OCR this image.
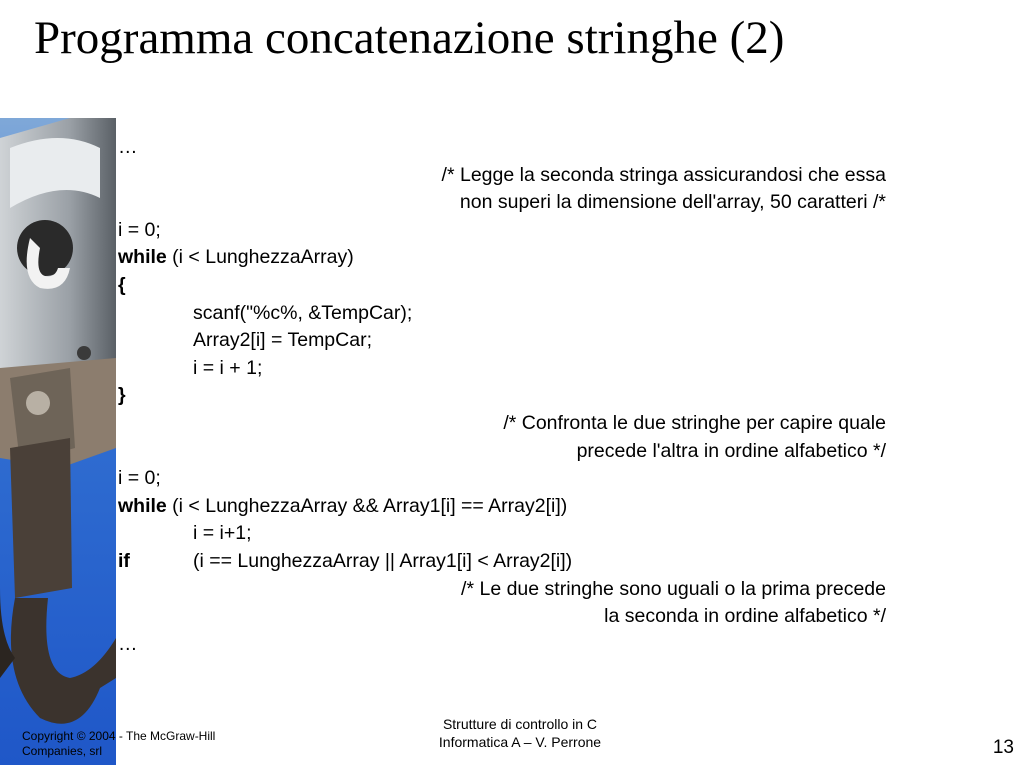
Programma concatenazione stringhe (2)
…
/* Legge la seconda stringa assicurandosi che essa
non superi la dimensione dell'array, 50 caratteri /*
i = 0;
while (i < LunghezzaArray)
{
scanf("%c%, &TempCar);
Array2[i] = TempCar;
i = i + 1;
}
/* Confronta le due stringhe per capire quale
precede l'altra in ordine alfabetico */
i = 0;
while (i < LunghezzaArray && Array1[i] == Array2[i])
i = i+1;
if	(i == LunghezzaArray || Array1[i] < Array2[i])
/* Le due stringhe sono uguali o la prima precede
la seconda in ordine alfabetico */
…
Copyright © 2004 - The McGraw-Hill Companies, srl
Strutture di controllo in C
Informatica A – V. Perrone	13
